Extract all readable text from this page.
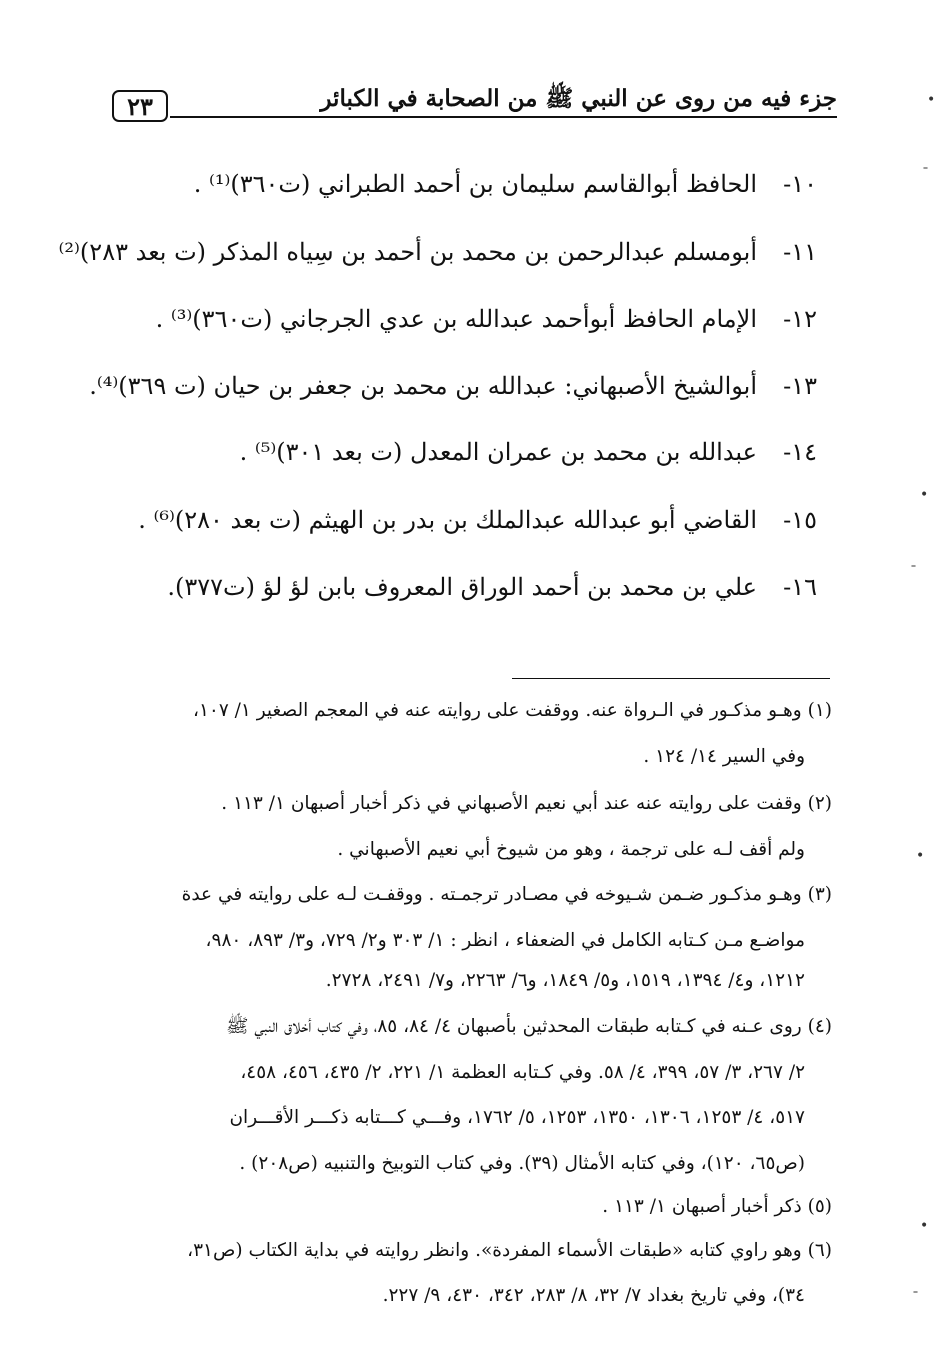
جزء فيه من روى عن النبي ﷺ من الصحابة في الكبائر
٢٣
١٠-الحافظ أبوالقاسم سليمان بن أحمد الطبراني (ت٣٦٠)⁽¹⁾ .
١١-أبومسلم عبدالرحمن بن محمد بن أحمد بن سِياه المذكر (ت بعد ٢٨٣)⁽²⁾
١٢-الإمام الحافظ أبوأحمد عبدالله بن عدي الجرجاني (ت٣٦٠)⁽³⁾ .
١٣-أبوالشيخ الأصبهاني: عبدالله بن محمد بن جعفر بن حيان (ت ٣٦٩)⁽⁴⁾.
١٤-عبدالله بن محمد بن عمران المعدل (ت بعد ٣٠١)⁽⁵⁾ .
١٥-القاضي أبو عبدالله عبدالملك بن بدر بن الهيثم (ت بعد ٢٨٠)⁽⁶⁾ .
١٦-علي بن محمد بن أحمد الوراق المعروف بابن لؤ لؤ (ت٣٧٧).
(١) وهـو مذكـور في الـرواة عنه. ووقفت على روايته عنه في المعجم الصغير ١/ ١٠٧،
وفي السير ١٤/ ١٢٤ .
(٢) وقفت على روايته عنه عند أبي نعيم الأصبهاني في ذكر أخبار أصبهان ١/ ١١٣ .
ولم أقف لـه على ترجمة ، وهو من شيوخ أبي نعيم الأصبهاني .
(٣) وهـو مذكـور ضـمن شـيوخه في مصـادر ترجمـته . ووقفـت لـه على روايته في عدة
مواضـع مـن كـتابه الكامل في الضعفاء ، انظر : ١/ ٣٠٣ و٢/ ٧٢٩، و٣/ ٨٩٣، ٩٨٠،
١٢١٢، و٤/ ١٣٩٤، ١٥١٩، و٥/ ١٨٤٩، و٦/ ٢٢٦٣، و٧/ ٢٤٩١، ٢٧٢٨.
(٤) روى عـنه في كـتابه طبقات المحدثين بأصبهان ٤/ ٨٤، ٨٥، وفي كتاب أخلاق النبي ﷺ
٢/ ٢٦٧، ٣/ ٥٧، ٣٩٩، ٤/ ٥٨. وفي كـتابه العظمة ١/ ٢٢١، ٢/ ٤٣٥، ٤٥٦، ٤٥٨،
٥١٧، ٤/ ١٢٥٣، ١٣٠٦، ١٣٥٠، ١٢٥٣، ٥/ ١٧٦٢، وفـــي كـــتابه ذكـــر الأقـــران
(ص٦٥، ١٢٠)، وفي كتابه الأمثال (٣٩). وفي كتاب التوبيخ والتنبيه (ص٢٠٨) .
(٥) ذكر أخبار أصبهان ١/ ١١٣ .
(٦) وهو راوي كتابه «طبقات الأسماء المفردة». وانظر روايته في بداية الكتاب (ص٣١،
٣٤)، وفي تاريخ بغداد ٧/ ٣٢، ٨/ ٢٨٣، ٣٤٢، ٤٣٠، ٩/ ٢٢٧.
•
ˉ
•
ˉ
•
•
ˉ
